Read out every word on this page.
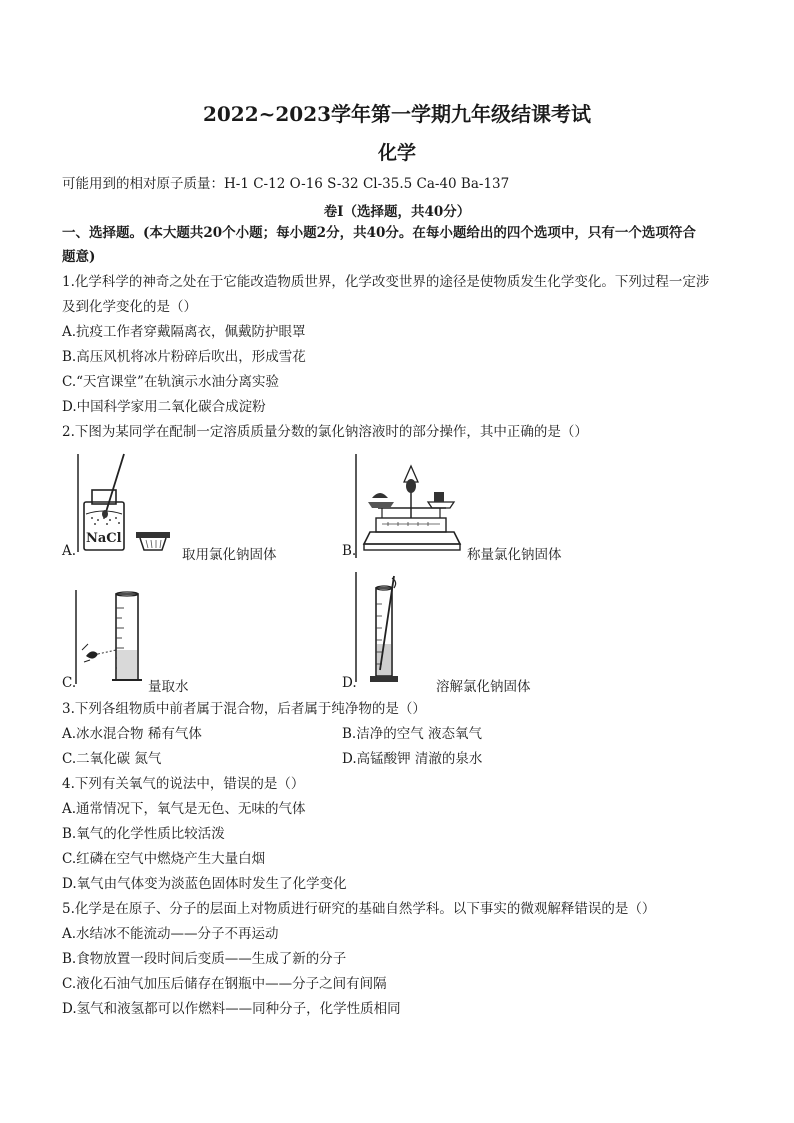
2022~2023学年第一学期九年级结课考试
化学
可能用到的相对原子质量：H-1 C-12 O-16 S-32 Cl-35.5 Ca-40 Ba-137
卷Ⅰ（选择题，共40分）
一、选择题。(本大题共20个小题；每小题2分，共40分。在每小题给出的四个选项中，只有一个选项符合
题意)
1.化学科学的神奇之处在于它能改造物质世界，化学改变世界的途径是使物质发生化学变化。下列过程一定涉
及到化学变化的是（）
A.抗疫工作者穿戴隔离衣，佩戴防护眼罩
B.高压风机将冰片粉碎后吹出，形成雪花
C.“天宫课堂”在轨演示水油分离实验
D.中国科学家用二氧化碳合成淀粉
2.下图为某同学在配制一定溶质质量分数的氯化钠溶液时的部分操作，其中正确的是（）
NaCl
A.	取用氯化钠固体	B.	称量氯化钠固体
C.	量取水	D.	溶解氯化钠固体
3.下列各组物质中前者属于混合物，后者属于纯净物的是（）
A.冰水混合物 稀有气体	B.洁净的空气 液态氧气
C.二氧化碳 氮气	D.高锰酸钾 清澈的泉水
4.下列有关氧气的说法中，错误的是（）
A.通常情况下，氧气是无色、无味的气体
B.氧气的化学性质比较活泼
C.红磷在空气中燃烧产生大量白烟
D.氧气由气体变为淡蓝色固体时发生了化学变化
5.化学是在原子、分子的层面上对物质进行研究的基础自然学科。以下事实的微观解释错误的是（）
A.水结冰不能流动——分子不再运动
B.食物放置一段时间后变质——生成了新的分子
C.液化石油气加压后储存在钢瓶中——分子之间有间隔
D.氢气和液氢都可以作燃料——同种分子，化学性质相同
